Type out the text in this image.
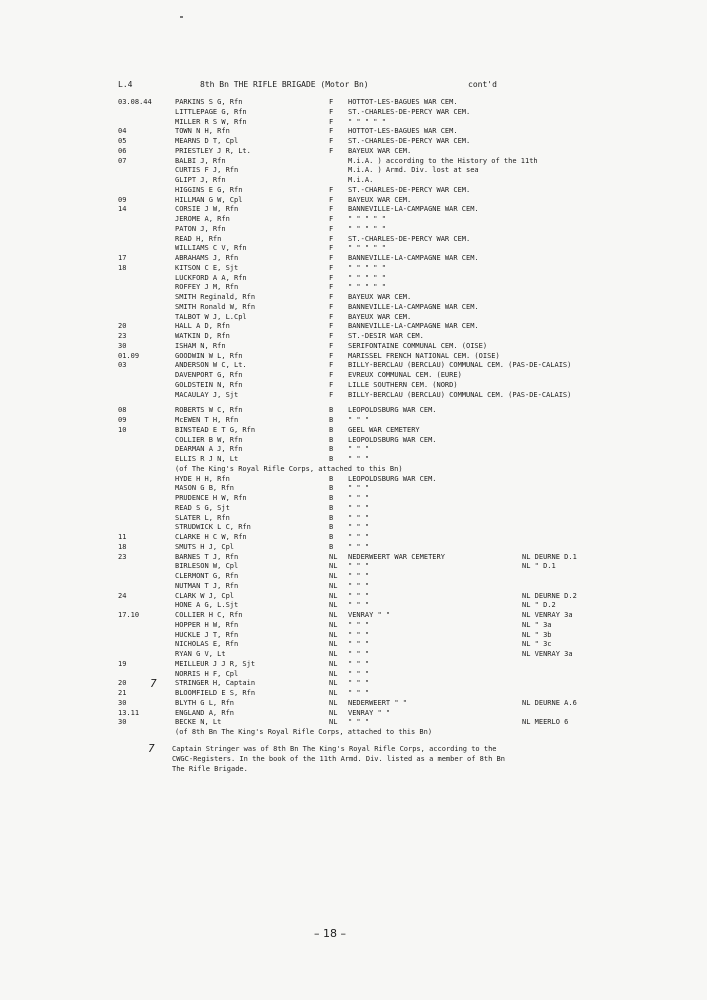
L.4

	8th Bn THE RIFLE BRIGADE (Motor Bn)

	cont'd

03.08.44	PARKINS S G, Rfn	F HOTTOT-LES-BAGUES WAR CEM.
LITTLEPAGE G, Rfn	F ST.-CHARLES-DE-PERCY WAR CEM.
MILLER R S W, Rfn	F " " " " "
04	TOWN N H, Rfn	F HOTTOT-LES-BAGUES WAR CEM.
05	MEARNS D T, Cpl	F ST.-CHARLES-DE-PERCY WAR CEM.
06	PRIESTLEY J R, Lt.	F BAYEUX WAR CEM.
07	BALBI J, Rfn	M.i.A. ) according to the History of the 11th
CURTIS F J, Rfn	M.i.A. ) Armd. Div. lost at sea
GLIPT J, Rfn	M.i.A.
HIGGINS E G, Rfn	F ST.-CHARLES-DE-PERCY WAR CEM.
09	HILLMAN G W, Cpl	F BAYEUX WAR CEM.
14	CORSIE J W, Rfn	F BANNEVILLE-LA-CAMPAGNE WAR CEM.
JEROME A, Rfn	F " " " " "
PATON J, Rfn	F " " " " "
READ H, Rfn	F ST.-CHARLES-DE-PERCY WAR CEM.
WILLIAMS C V, Rfn	F " " " " "
17	ABRAHAMS J, Rfn	F BANNEVILLE-LA-CAMPAGNE WAR CEM.
18	KITSON C E, Sjt	F " " " " "
LUCKFORD A A, Rfn	F " " " " "
ROFFEY J M, Rfn	F " " " " "
SMITH Reginald, Rfn	F BAYEUX WAR CEM.
SMITH Ronald W, Rfn	F BANNEVILLE-LA-CAMPAGNE WAR CEM.
TALBOT W J, L.Cpl	F BAYEUX WAR CEM.
20	HALL A D, Rfn	F BANNEVILLE-LA-CAMPAGNE WAR CEM.
23	WATKIN D, Rfn	F ST.-DESIR WAR CEM.
30	ISHAM N, Rfn	F SERIFONTAINE COMMUNAL CEM. (OISE)
01.09	GOODWIN W L, Rfn	F MARISSEL FRENCH NATIONAL CEM. (OISE)
03	ANDERSON W C, Lt.	F BILLY-BERCLAU (BERCLAU) COMMUNAL CEM. (PAS-DE-CALAIS)
DAVENPORT G, Rfn	F EVREUX COMMUNAL CEM. (EURE)
GOLDSTEIN N, Rfn	F LILLE SOUTHERN CEM. (NORD)
MACAULAY J, Sjt	F BILLY-BERCLAU (BERCLAU) COMMUNAL CEM. (PAS-DE-CALAIS)
08	ROBERTS W C, Rfn	B LEOPOLDSBURG WAR CEM.
09	McEWEN T H, Rfn	B " " "
10	BINSTEAD E T G, Rfn	B GEEL WAR CEMETERY
COLLIER B W, Rfn	B LEOPOLDSBURG WAR CEM.
DEARMAN A J, Rfn	B " " "
ELLIS R J N, Lt	B " " "
(of The King's Royal Rifle Corps, attached to this Bn)
HYDE H H, Rfn	B LEOPOLDSBURG WAR CEM.
MASON G B, Rfn	B " " "
PRUDENCE H W, Rfn	B " " "
READ S G, Sjt	B " " "
SLATER L, Rfn	B " " "
STRUDWICK L C, Rfn	B " " "
11	CLARKE H C W, Rfn	B " " "
18	SMUTS H J, Cpl	B " " "
23	BARNES T J, Rfn	NL NEDERWEERT WAR CEMETERY	NL DEURNE D.1
BIRLESON W, Cpl	NL " " "	NL " D.1
CLERMONT G, Rfn	NL " " "
NUTMAN T J, Rfn	NL " " "
24	CLARK W J, Cpl	NL " " "	NL DEURNE D.2
HONE A G, L.Sjt	NL " " "	NL " D.2
17.10	COLLIER H C, Rfn	NL VENRAY " "	NL VENRAY 3a
HOPPER H W, Rfn	NL " " "	NL " 3a
HUCKLE J T, Rfn	NL " " "	NL " 3b
NICHOLAS E, Rfn	NL " " "	NL " 3c
RYAN G V, Lt	NL " " "	NL VENRAY 3a
19	MEILLEUR J J R, Sjt	NL " " "
NORRIS H F, Cpl	NL " " "
20 7	STRINGER H, Captain	NL " " "
21	BLOOMFIELD E S, Rfn	NL " " "
30	BLYTH G L, Rfn	NL NEDERWEERT " "	NL DEURNE A.6
13.11	ENGLAND A, Rfn	NL VENRAY " "
30	BECKE N, Lt	NL " " "	NL MEERLO 6
(of 8th Bn The King's Royal Rifle Corps, attached to this Bn)
7 Captain Stringer was of 8th Bn The King's Royal Rifle Corps, according to the
CWGC-Registers. In the book of the 11th Armd. Div. listed as a member of 8th Bn
The Rifle Brigade.
– 18 –
